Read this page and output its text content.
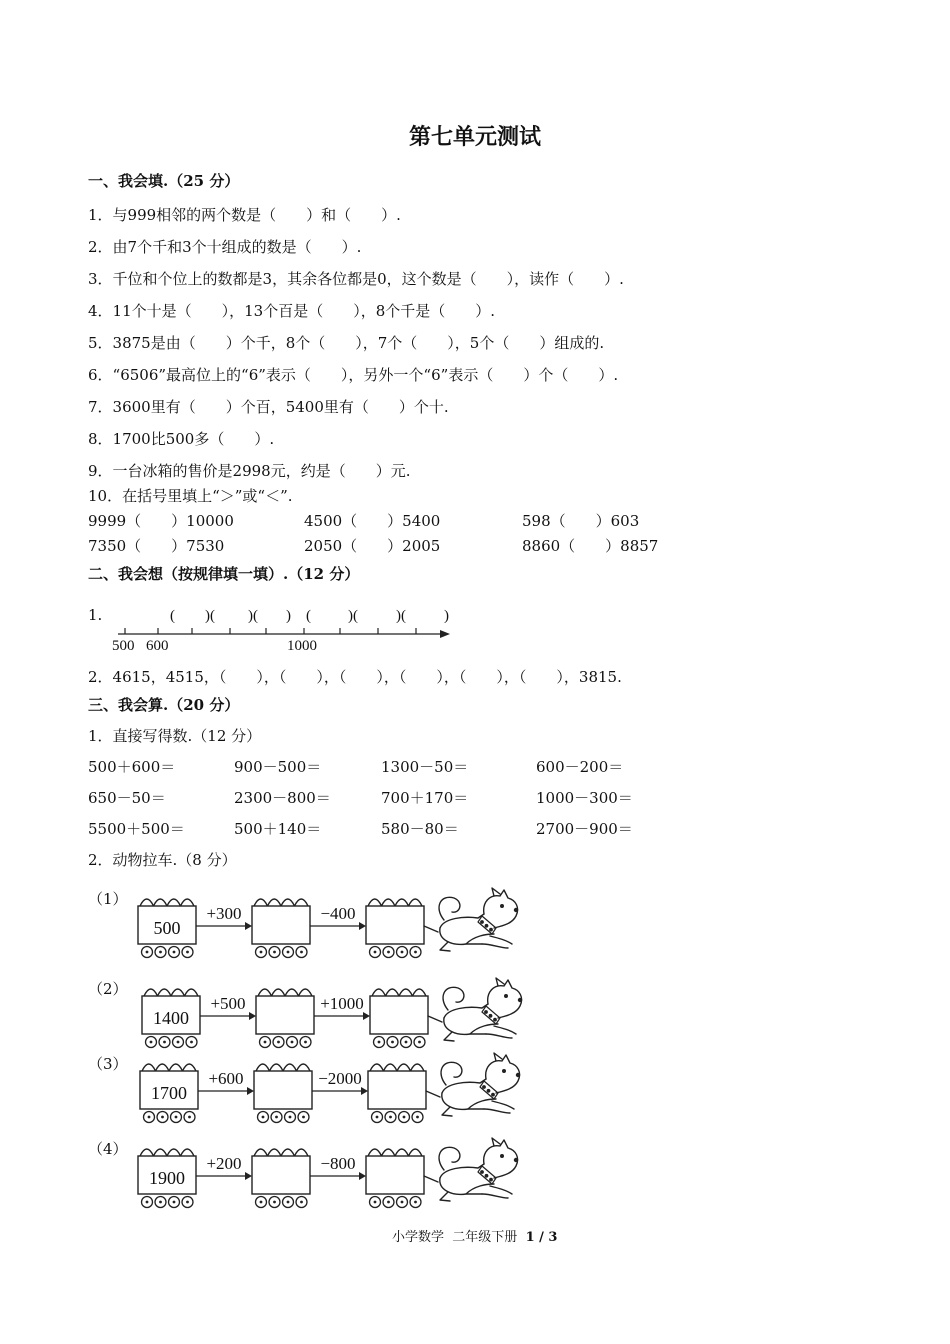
第七单元测试
一、我会填.（25 分）
1．与999相邻的两个数是（　　）和（　　）.
2．由7个千和3个十组成的数是（　　）.
3．千位和个位上的数都是3，其余各位都是0，这个数是（　　），读作（　　）.
4．11个十是（　　），13个百是（　　），8个千是（　　）.
5．3875是由（　　）个千，8个（　　），7个（　　），5个（　　）组成的.
6．“6506”最高位上的“6”表示（　　），另外一个“6”表示（　　）个（　　）.
7．3600里有（　　）个百，5400里有（　　）个十.
8．1700比500多（　　）.
9．一台冰箱的售价是2998元，约是（　　）元.
10．在括号里填上“＞”或“＜”.
9999（　　）10000	4500（　　）5400	598（　　）603
7350（　　）7530	2050（　　）2005	8860（　　）8857
二、我会想（按规律填一填）.（12 分）
1.	( )( )( ) ( )(	)(	)
500 600	1000
2．4615，4515，（　　），（　　），（　　），（　　），（　　），（　　），3815.
三、我会算.（20 分）
1．直接写得数.（12 分）
500＋600＝	900－500＝	1300－50＝	600－200＝
650－50＝	2300－800＝	700＋170＝	1000－300＝
5500＋500＝	500＋140＝	580－80＝	2700－900＝
2．动物拉车.（8 分）
（1）
500
+300	−400
（2）
1400
+500	+1000
（3）
1700
+600	−2000
（4）
1900
+200	−800
小学数学 二年级下册 1 / 3
